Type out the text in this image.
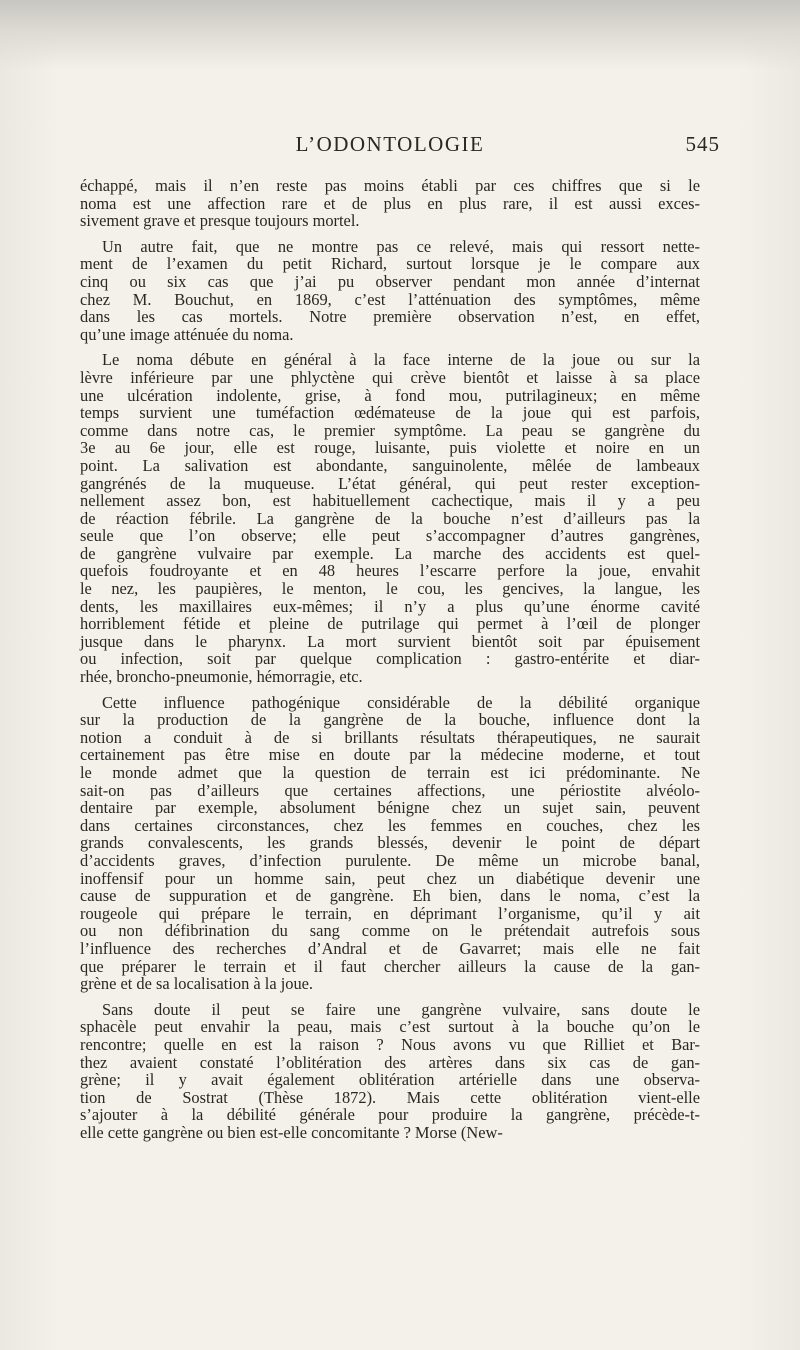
L’ODONTOLOGIE	545
échappé, mais il n’en reste pas moins établi par ces chiffres que si le
noma est une affection rare et de plus en plus rare, il est aussi exces-
sivement grave et presque toujours mortel.
Un autre fait, que ne montre pas ce relevé, mais qui ressort nette-
ment de l’examen du petit Richard, surtout lorsque je le compare aux
cinq ou six cas que j’ai pu observer pendant mon année d’internat
chez M. Bouchut, en 1869, c’est l’atténuation des symptômes, même
dans les cas mortels. Notre première observation n’est, en effet,
qu’une image atténuée du noma.
Le noma débute en général à la face interne de la joue ou sur la
lèvre inférieure par une phlyctène qui crève bientôt et laisse à sa place
une ulcération indolente, grise, à fond mou, putrilagineux; en même
temps survient une tuméfaction œdémateuse de la joue qui est parfois,
comme dans notre cas, le premier symptôme. La peau se gangrène du
3e au 6e jour, elle est rouge, luisante, puis violette et noire en un
point. La salivation est abondante, sanguinolente, mêlée de lambeaux
gangrénés de la muqueuse. L’état général, qui peut rester exception-
nellement assez bon, est habituellement cachectique, mais il y a peu
de réaction fébrile. La gangrène de la bouche n’est d’ailleurs pas la
seule que l’on observe; elle peut s’accompagner d’autres gangrènes,
de gangrène vulvaire par exemple. La marche des accidents est quel-
quefois foudroyante et en 48 heures l’escarre perfore la joue, envahit
le nez, les paupières, le menton, le cou, les gencives, la langue, les
dents, les maxillaires eux-mêmes; il n’y a plus qu’une énorme cavité
horriblement fétide et pleine de putrilage qui permet à l’œil de plonger
jusque dans le pharynx. La mort survient bientôt soit par épuisement
ou infection, soit par quelque complication : gastro-entérite et diar-
rhée, broncho-pneumonie, hémorragie, etc.
Cette influence pathogénique considérable de la débilité organique
sur la production de la gangrène de la bouche, influence dont la
notion a conduit à de si brillants résultats thérapeutiques, ne saurait
certainement pas être mise en doute par la médecine moderne, et tout
le monde admet que la question de terrain est ici prédominante. Ne
sait-on pas d’ailleurs que certaines affections, une périostite alvéolo-
dentaire par exemple, absolument bénigne chez un sujet sain, peuvent
dans certaines circonstances, chez les femmes en couches, chez les
grands convalescents, les grands blessés, devenir le point de départ
d’accidents graves, d’infection purulente. De même un microbe banal,
inoffensif pour un homme sain, peut chez un diabétique devenir une
cause de suppuration et de gangrène. Eh bien, dans le noma, c’est la
rougeole qui prépare le terrain, en déprimant l’organisme, qu’il y ait
ou non défibrination du sang comme on le prétendait autrefois sous
l’influence des recherches d’Andral et de Gavarret; mais elle ne fait
que préparer le terrain et il faut chercher ailleurs la cause de la gan-
grène et de sa localisation à la joue.
Sans doute il peut se faire une gangrène vulvaire, sans doute le
sphacèle peut envahir la peau, mais c’est surtout à la bouche qu’on le
rencontre; quelle en est la raison ? Nous avons vu que Rilliet et Bar-
thez avaient constaté l’oblitération des artères dans six cas de gan-
grène; il y avait également oblitération artérielle dans une observa-
tion de Sostrat (Thèse 1872). Mais cette oblitération vient-elle
s’ajouter à la débilité générale pour produire la gangrène, précède-t-
elle cette gangrène ou bien est-elle concomitante ? Morse (New-
